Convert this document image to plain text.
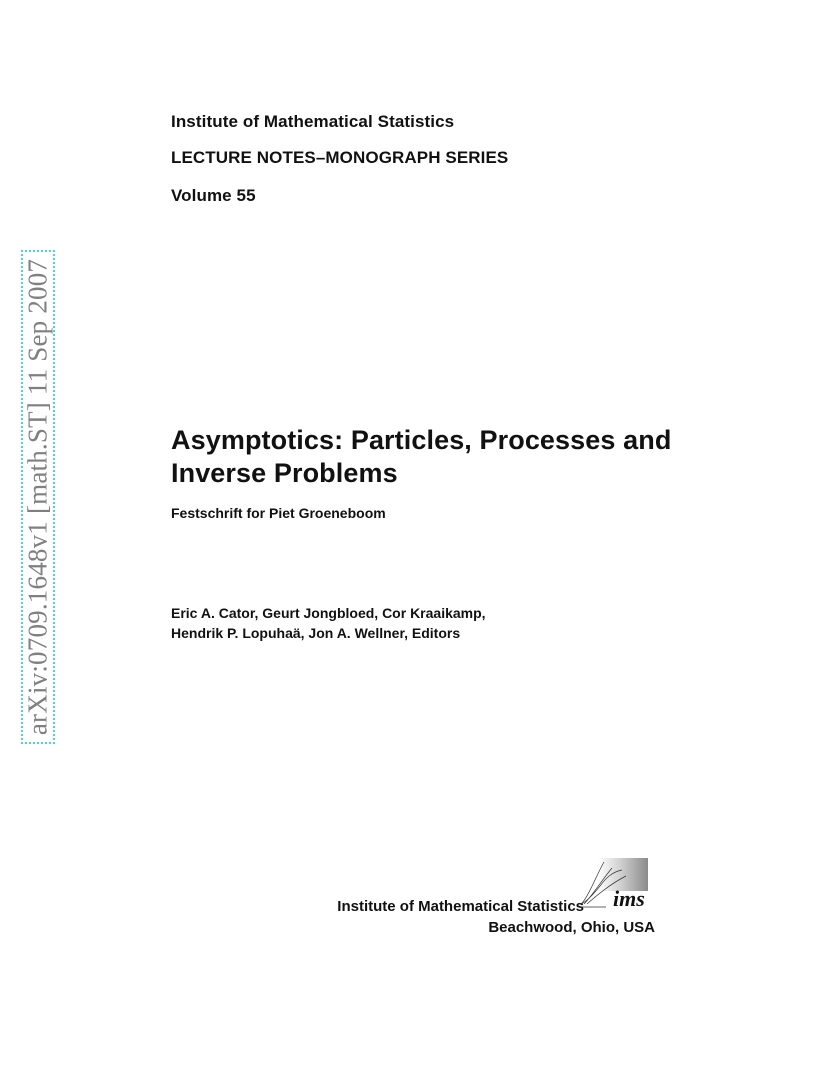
Institute of Mathematical Statistics
LECTURE NOTES–MONOGRAPH SERIES
Volume 55
arXiv:0709.1648v1 [math.ST] 11 Sep 2007	Asymptotics: Particles, Processes and Inverse Problems
Festschrift for Piet Groeneboom
Eric A. Cator, Geurt Jongbloed, Cor Kraaikamp,
Hendrik P. Lopuhaä, Jon A. Wellner, Editors
Institute of Mathematical Statistics
Beachwood, Ohio, USA
ims
